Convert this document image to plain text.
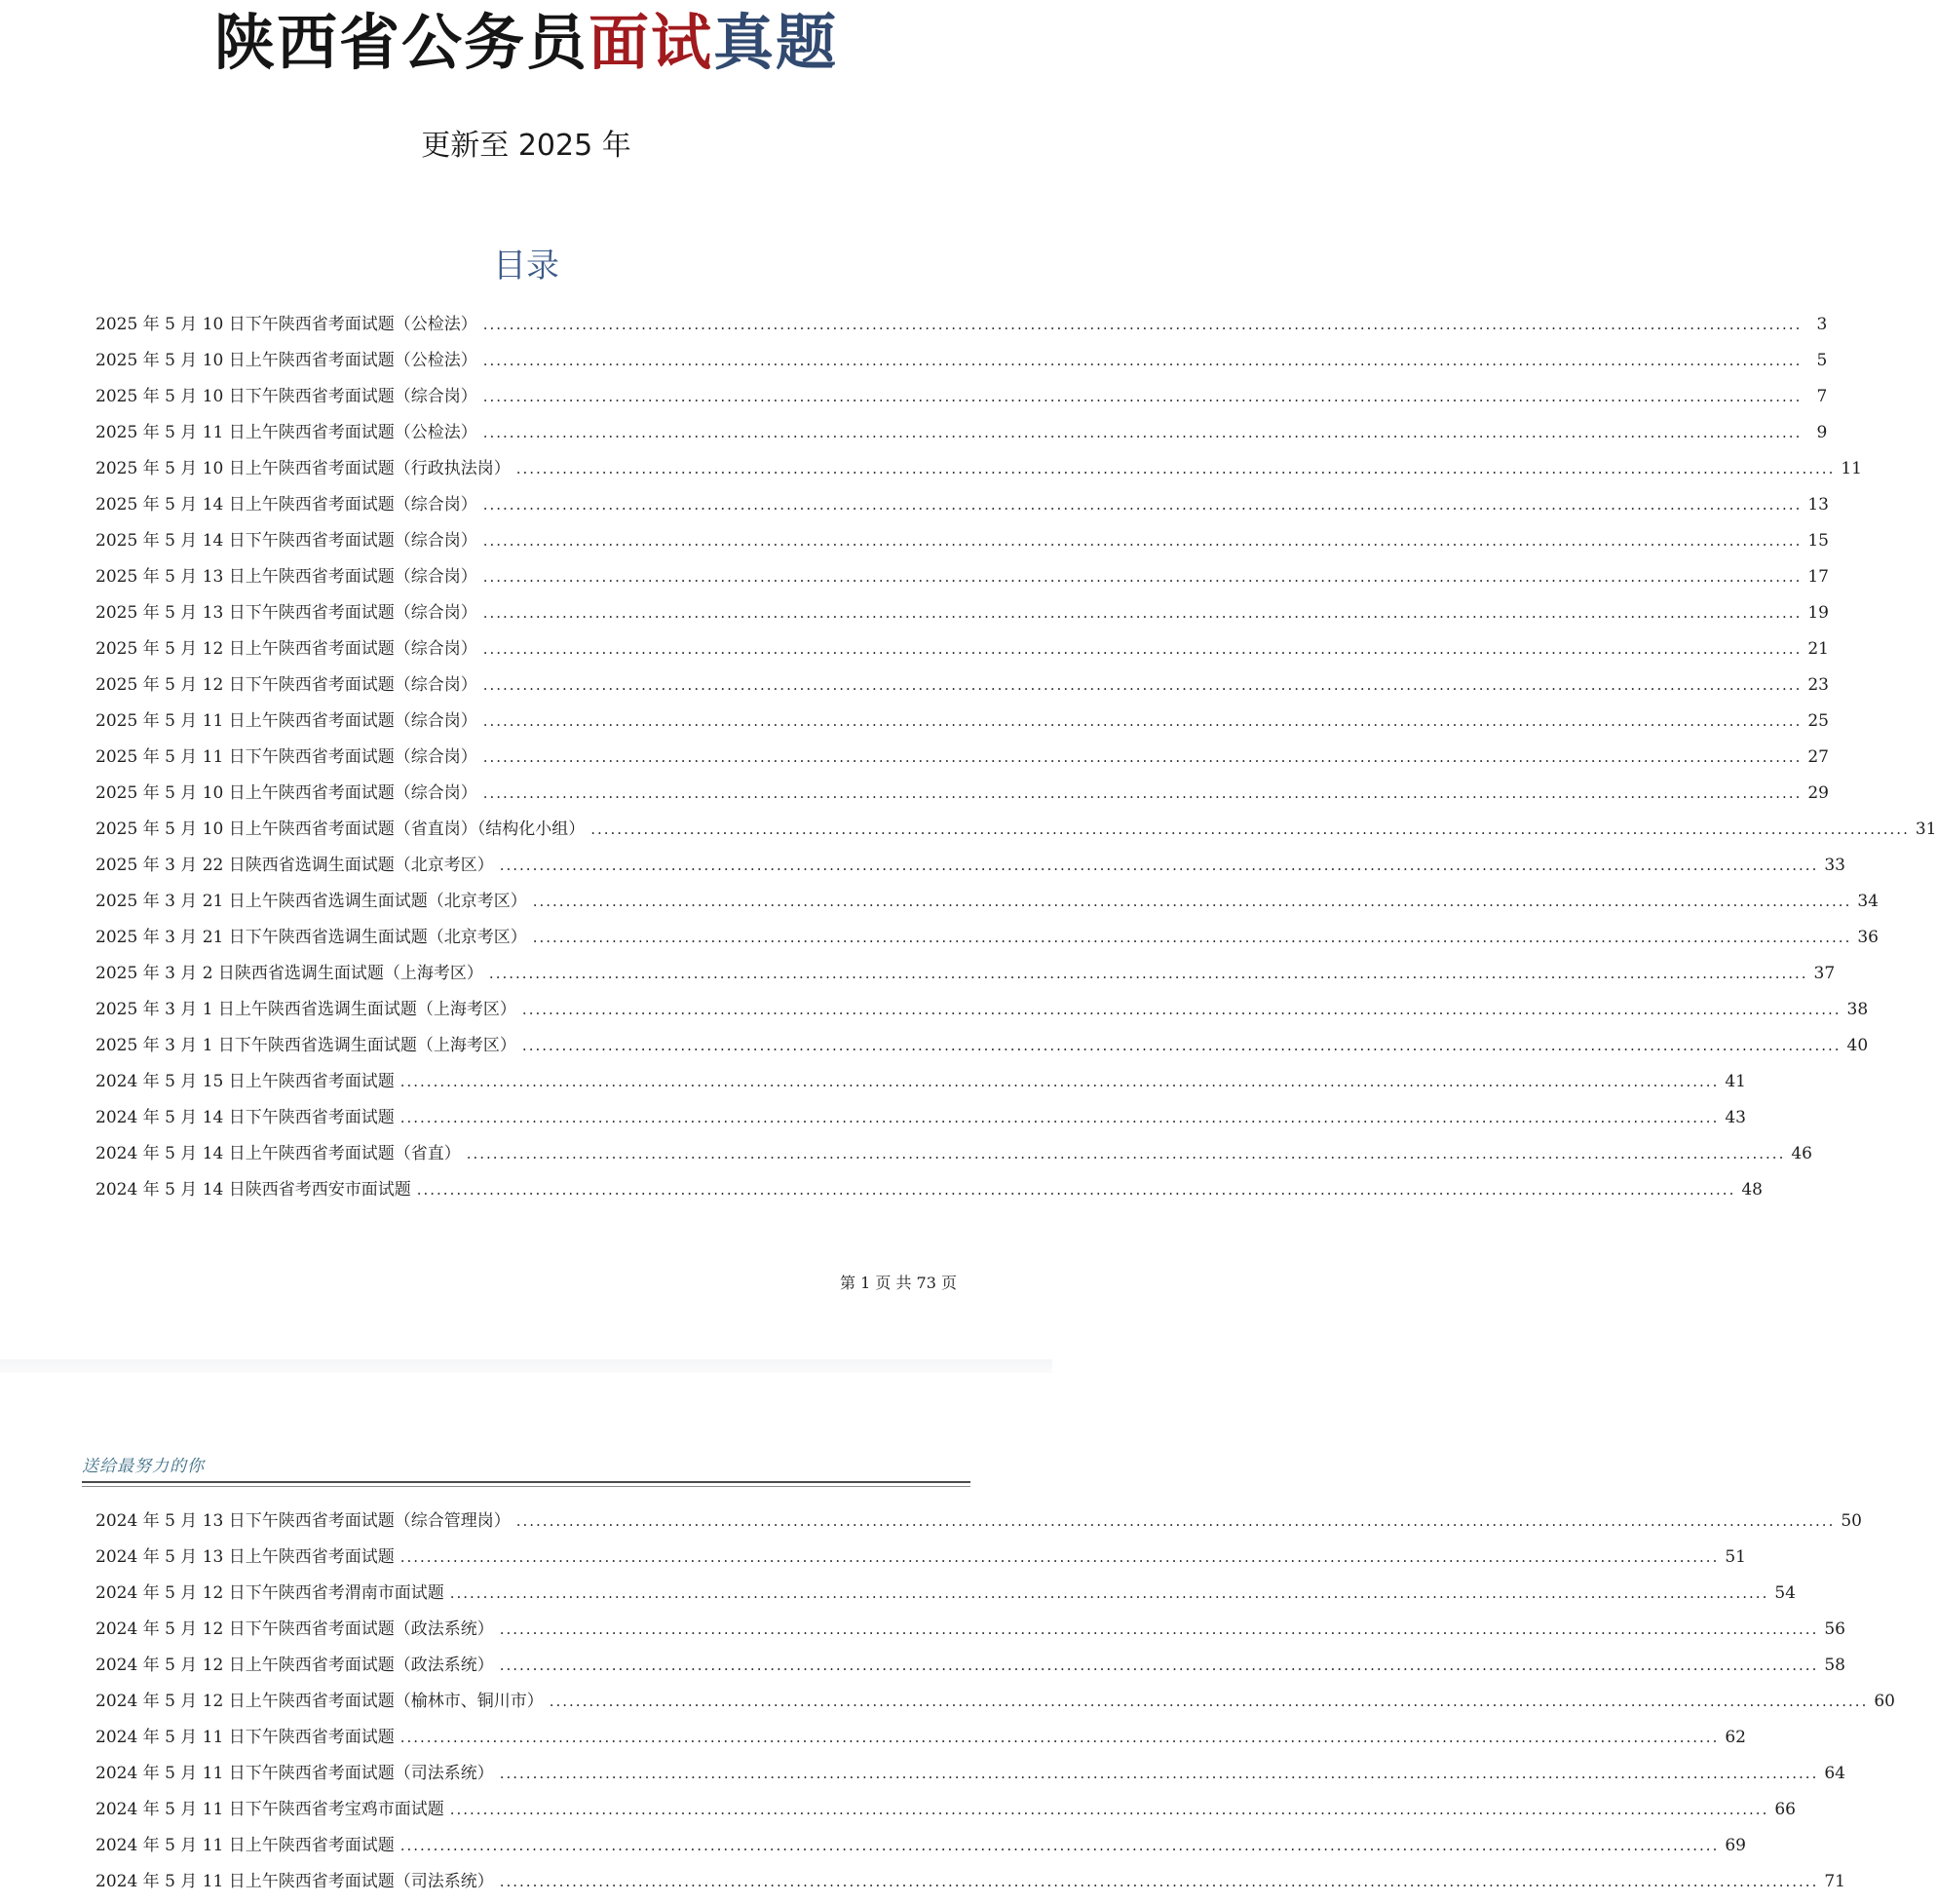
陕西省公务员面试真题
更新至 2025 年
目录
2025 年 5 月 10 日下午陕西省考面试题（公检法） ........................................................................................................................................................................................................ 3
2025 年 5 月 10 日上午陕西省考面试题（公检法） ........................................................................................................................................................................................................ 5
2025 年 5 月 10 日下午陕西省考面试题（综合岗） ........................................................................................................................................................................................................ 7
2025 年 5 月 11 日上午陕西省考面试题（公检法） ........................................................................................................................................................................................................ 9
2025 年 5 月 10 日上午陕西省考面试题（行政执法岗） ........................................................................................................................................................................................................ 11
2025 年 5 月 14 日上午陕西省考面试题（综合岗） ........................................................................................................................................................................................................ 13
2025 年 5 月 14 日下午陕西省考面试题（综合岗） ........................................................................................................................................................................................................ 15
2025 年 5 月 13 日上午陕西省考面试题（综合岗） ........................................................................................................................................................................................................ 17
2025 年 5 月 13 日下午陕西省考面试题（综合岗） ........................................................................................................................................................................................................ 19
2025 年 5 月 12 日上午陕西省考面试题（综合岗） ........................................................................................................................................................................................................ 21
2025 年 5 月 12 日下午陕西省考面试题（综合岗） ........................................................................................................................................................................................................ 23
2025 年 5 月 11 日上午陕西省考面试题（综合岗） ........................................................................................................................................................................................................ 25
2025 年 5 月 11 日下午陕西省考面试题（综合岗） ........................................................................................................................................................................................................ 27
2025 年 5 月 10 日上午陕西省考面试题（综合岗） ........................................................................................................................................................................................................ 29
2025 年 5 月 10 日上午陕西省考面试题（省直岗）（结构化小组） ........................................................................................................................................................................................................ 31
2025 年 3 月 22 日陕西省选调生面试题（北京考区） ........................................................................................................................................................................................................ 33
2025 年 3 月 21 日上午陕西省选调生面试题（北京考区） ........................................................................................................................................................................................................ 34
2025 年 3 月 21 日下午陕西省选调生面试题（北京考区） ........................................................................................................................................................................................................ 36
2025 年 3 月 2 日陕西省选调生面试题（上海考区） ........................................................................................................................................................................................................ 37
2025 年 3 月 1 日上午陕西省选调生面试题（上海考区） ........................................................................................................................................................................................................ 38
2025 年 3 月 1 日下午陕西省选调生面试题（上海考区） ........................................................................................................................................................................................................ 40
2024 年 5 月 15 日上午陕西省考面试题 ........................................................................................................................................................................................................ 41
2024 年 5 月 14 日下午陕西省考面试题 ........................................................................................................................................................................................................ 43
2024 年 5 月 14 日上午陕西省考面试题（省直） ........................................................................................................................................................................................................ 46
2024 年 5 月 14 日陕西省考西安市面试题 ........................................................................................................................................................................................................ 48
第 1 页 共 73 页
送给最努力的你
2024 年 5 月 13 日下午陕西省考面试题（综合管理岗） ........................................................................................................................................................................................................ 50
2024 年 5 月 13 日上午陕西省考面试题 ........................................................................................................................................................................................................ 51
2024 年 5 月 12 日下午陕西省考渭南市面试题 ........................................................................................................................................................................................................ 54
2024 年 5 月 12 日下午陕西省考面试题（政法系统） ........................................................................................................................................................................................................ 56
2024 年 5 月 12 日上午陕西省考面试题（政法系统） ........................................................................................................................................................................................................ 58
2024 年 5 月 12 日上午陕西省考面试题（榆林市、铜川市） ........................................................................................................................................................................................................ 60
2024 年 5 月 11 日下午陕西省考面试题 ........................................................................................................................................................................................................ 62
2024 年 5 月 11 日下午陕西省考面试题（司法系统） ........................................................................................................................................................................................................ 64
2024 年 5 月 11 日下午陕西省考宝鸡市面试题 ........................................................................................................................................................................................................ 66
2024 年 5 月 11 日上午陕西省考面试题 ........................................................................................................................................................................................................ 69
2024 年 5 月 11 日上午陕西省考面试题（司法系统） ........................................................................................................................................................................................................ 71
